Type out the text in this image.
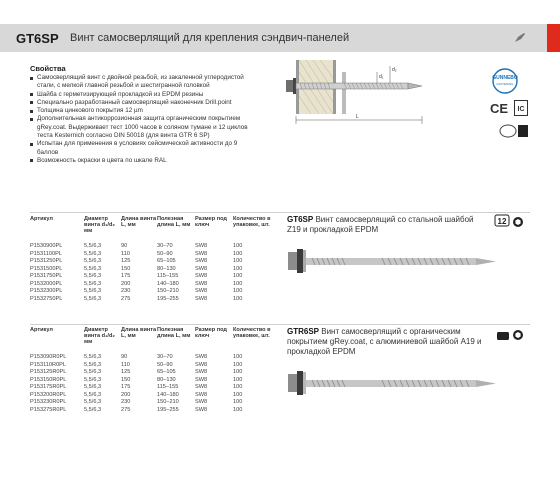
GT6SP Винт самосверлящий для крепления сэндвич-панелей
Свойства
Самосверлящий винт с двойной резьбой, из закаленной углеродистой стали, с мелкой главной резьбой и шестигранной головкой
Шайба с герметизирующей прокладкой из EPDM резины
Специально разработанный самосверлящий наконечник Drill.point
Толщина цинкового покрытия 12 µm
Дополнительная антикоррозионная защита органическим покрытием gRey.coat. Выдерживает тест 1000 часов в соляном тумане и 12 циклов теста Kesternich согласно DIN 50018 (для винта GTR 6 SP)
Испытан для применения в условиях сейсмической активности до 9 баллов
Возможность окраски в цвета по шкале RAL
d₁
d₂
L
GUNNEBO
FASTENING
CE IC
Артикул	Диаметр винта d₁/d₂ мм	Длина винта L, мм	Полезная длина L, мм	Размер под ключ	Количество в упаковке, шт.
P1530900PL	5,5/6,3	90	30–70	SW8	100
P1531100PL	5,5/6,3	110	50–90	SW8	100
P1531250PL	5,5/6,3	125	65–105	SW8	100
P1531500PL	5,5/6,3	150	80–130	SW8	100
P1531750PL	5,5/6,3	175	115–155	SW8	100
P1532000PL	5,5/6,3	200	140–180	SW8	100
P1532300PL	5,5/6,3	230	150–210	SW8	100
P1532750PL	5,5/6,3	275	195–255	SW8	100
GT6SP Винт самосверлящий со стальной шайбой Z19 и прокладкой EPDM
12
Артикул	Диаметр винта d₁/d₂ мм	Длина винта L, мм	Полезная длина L, мм	Размер под ключ	Количество в упаковке, шт.
P153090R0PL	5,5/6,3	90	30–70	SW8	100
P153110R0PL	5,5/6,3	110	50–90	SW8	100
P153125R0PL	5,5/6,3	125	65–105	SW8	100
P153150R0PL	5,5/6,3	150	80–130	SW8	100
P153175R0PL	5,5/6,3	175	115–155	SW8	100
P153200R0PL	5,5/6,3	200	140–180	SW8	100
P153230R0PL	5,5/6,3	230	150–210	SW8	100
P153275R0PL	5,5/6,3	275	195–255	SW8	100
GTR6SP Винт самосверлящий с органическим покрытием gRey.coat, с алюминиевой шайбой A19 и прокладкой EPDM
